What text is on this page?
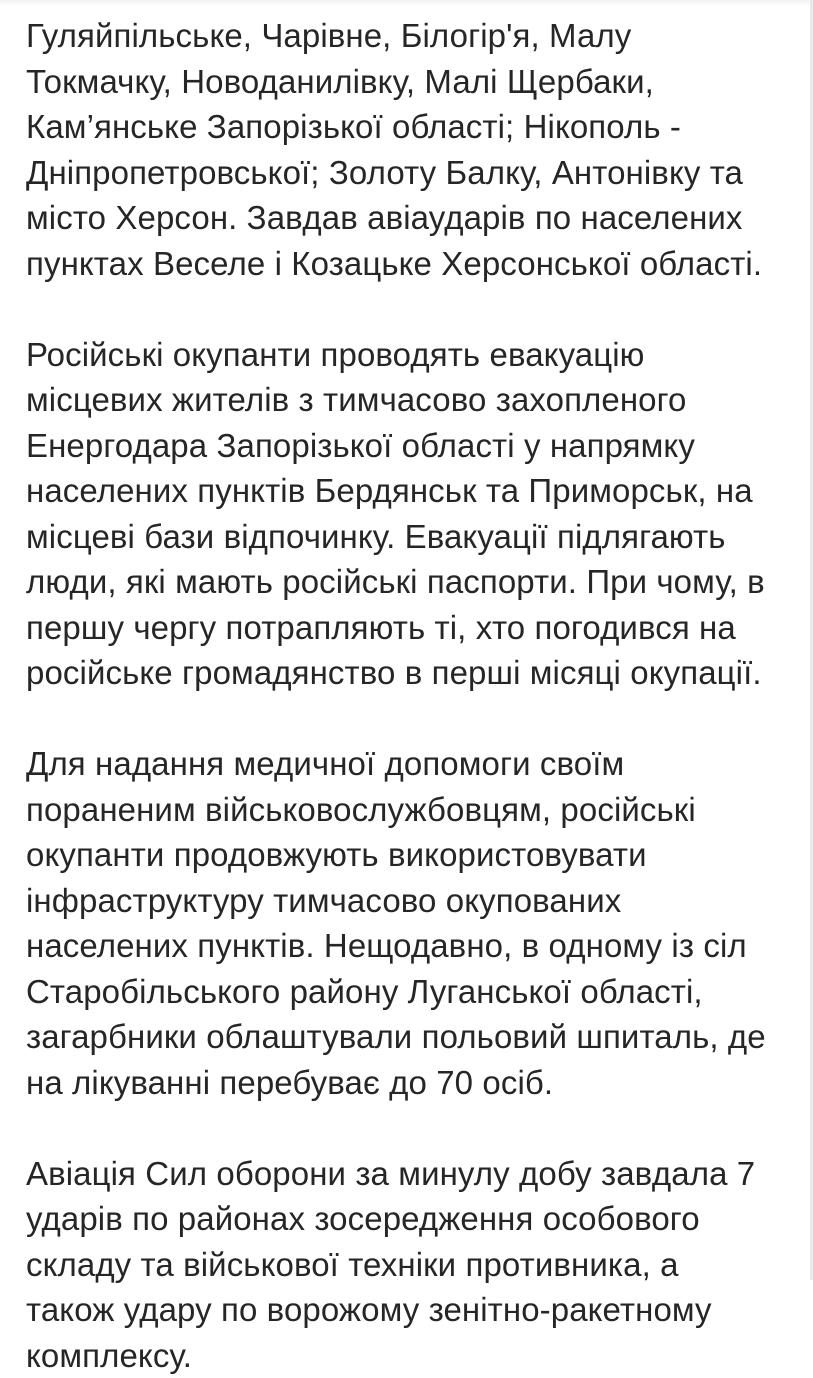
Гуляйпільське, Чарівне, Білогір'я, Малу
Токмачку, Новоданилівку, Малі Щербаки,
Кам’янське Запорізької області; Нікополь -
Дніпропетровської; Золоту Балку, Антонівку та
місто Херсон. Завдав авіаударів по населених
пунктах Веселе і Козацьке Херсонської області.
Російські окупанти проводять евакуацію
місцевих жителів з тимчасово захопленого
Енергодара Запорізької області у напрямку
населених пунктів Бердянськ та Приморськ, на
місцеві бази відпочинку. Евакуації підлягають
люди, які мають російські паспорти. При чому, в
першу чергу потрапляють ті, хто погодився на
російське громадянство в перші місяці окупації.
Для надання медичної допомоги своїм
пораненим військовослужбовцям, російські
окупанти продовжують використовувати
інфраструктуру тимчасово окупованих
населених пунктів. Нещодавно, в одному із сіл
Старобільського району Луганської області,
загарбники облаштували польовий шпиталь, де
на лікуванні перебуває до 70 осіб.
Авіація Сил оборони за минулу добу завдала 7
ударів по районах зосередження особового
складу та військової техніки противника, а
також удару по ворожому зенітно-ракетному
комплексу.
